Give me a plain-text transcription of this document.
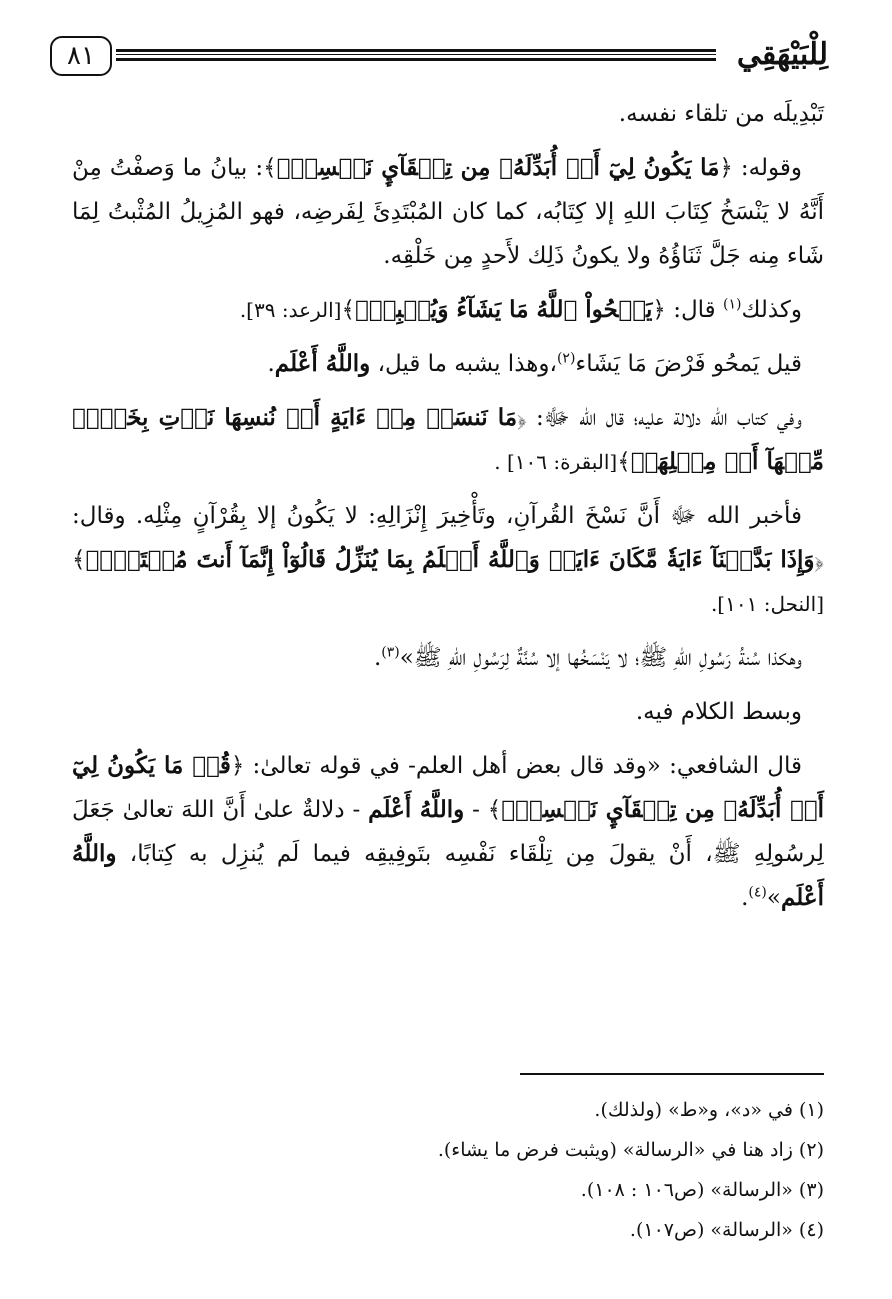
٨١	لِلْبَيْهَقِي

تَبْدِيلَه من تلقاء نفسه.

وقوله: ﴿مَا يَكُونُ لِيٓ أَنۡ أُبَدِّلَهُۥ مِن تِلۡقَآيِٕ نَفۡسِيٓۖ﴾: بيانُ ما وَصفْتُ مِنْ أَنَّهُ لا يَنْسَخُ كِتَابَ اللهِ إلا كِتَابُه، كما كان المُبْتَدِئَ لِفَرضِه، فهو المُزِيلُ المُثْبتُ لِمَا شَاء مِنه جَلَّ ثَنَاؤُهُ ولا يكونُ ذَلِك لأَحدٍ مِن خَلْقِه.

وكذلك$^{(١)}$ قال: ﴿يَمۡحُواْ ٱللَّهُ مَا يَشَآءُ وَيُثۡبِتُۖ﴾[الرعد: ٣٩].

قيل يَمحُو فَرْضَ مَا يَشَاء$^{(٢)}$،وهذا يشبه ما قيل، واللَّهُ أَعْلَم.

وفي كتاب الله دلالة عليه؛ قال الله ﷻ: ﴿مَا نَنسَخۡ مِنۡ ءَايَةٍ أَوۡ نُنسِهَا نَأۡتِ بِخَيۡرٖ مِّنۡهَآ أَوۡ مِثۡلِهَآۗ﴾[البقرة: ١٠٦] .

فأخبر الله ﷻ أَنَّ نَسْخَ القُرآنِ، وتَأْخِيرَ إِنْزَالِهِ: لا يَكُونُ إلا بِقُرْآنٍ مِثْلِه. وقال: ﴿وَإِذَا بَدَّلۡنَآ ءَايَةٗ مَّكَانَ ءَايَةٖ وَٱللَّهُ أَعۡلَمُ بِمَا يُنَزِّلُ قَالُوٓاْ إِنَّمَآ أَنتَ مُفۡتَرِۭۚ﴾[النحل: ١٠١].

وهكذا سُنةُ رَسُولِ اللهِ ﷺ؛ لا يَنْسَخُها إلا سُنَّةٌ لِرَسُولِ اللهِ ﷺ»$^{(٣)}$.

وبسط الكلام فيه.

قال الشافعي: «وقد قال بعض أهل العلم- في قوله تعالىٰ: ﴿قُلۡ مَا يَكُونُ لِيٓ أَنۡ أُبَدِّلَهُۥ مِن تِلۡقَآيِٕ نَفۡسِيٓۖ﴾ - واللَّهُ أَعْلَم - دلالةٌ علىٰ أَنَّ اللهَ تعالىٰ جَعَلَ لِرسُولِهِ ﷺ، أَنْ يقولَ مِن تِلْقَاء نَفْسِه بتَوفِيقِه فيما لَم يُنزِل به كِتابًا، واللَّهُ أَعْلَم»$^{(٤)}$.

(١) في «د»، و«ط» (ولذلك).

(٢) زاد هنا في «الرسالة» (ويثبت فرض ما يشاء).

(٣) «الرسالة» (ص١٠٦ : ١٠٨).

(٤) «الرسالة» (ص١٠٧).
